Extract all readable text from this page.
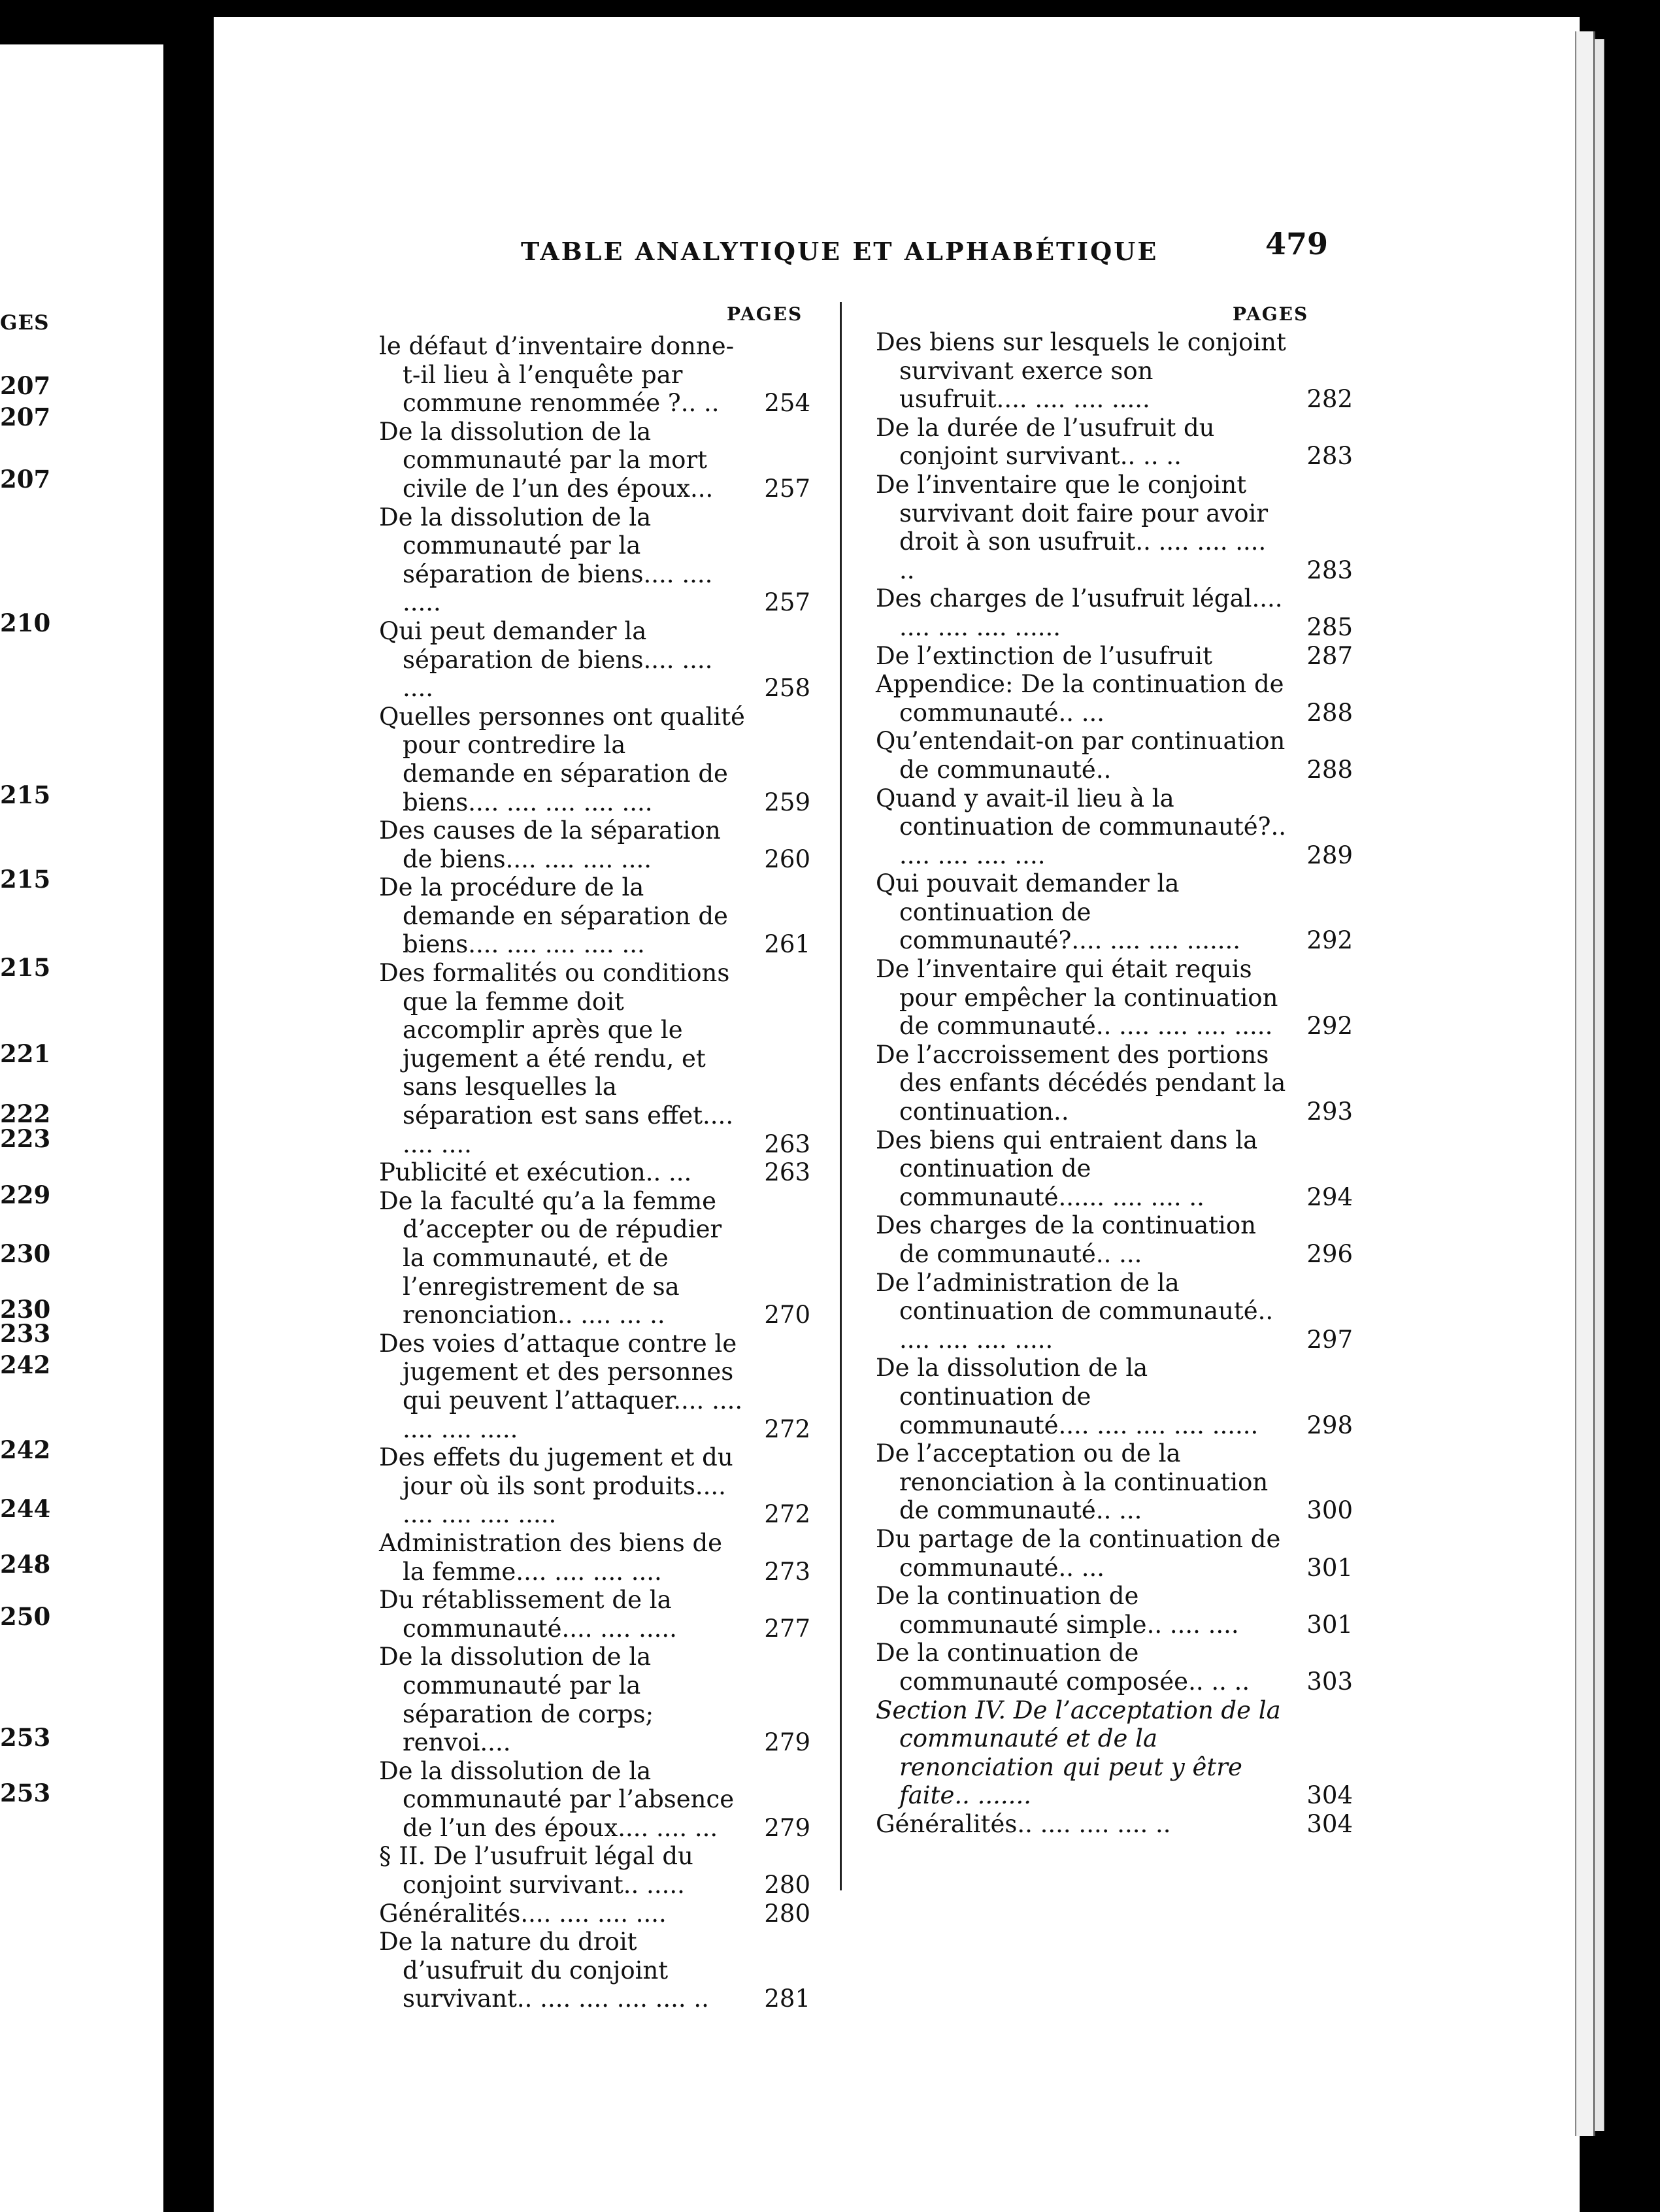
GES
207
207
207
210
215
215
215
221
222
223
229
230
230
233
242
242
244
248
250
253
253
TABLE ANALYTIQUE ET ALPHABÉTIQUE	479
PAGES	PAGES
le défaut d’inventaire donne-t-il lieu à l’enquête par commune renommée ?.. ..	254
De la dissolution de la communauté par la mort civile de l’un des époux...	257
De la dissolution de la communauté par la séparation de biens.... .... .....	257
Qui peut demander la séparation de biens.... .... ....	258
Quelles personnes ont qualité pour contredire la demande en séparation de biens.... .... .... .... ....	259
Des causes de la séparation de biens.... .... .... ....	260
De la procédure de la demande en séparation de biens.... .... .... .... ...	261
Des formalités ou conditions que la femme doit accomplir après que le jugement a été rendu, et sans lesquelles la séparation est sans effet.... .... ....	263
Publicité et exécution.. ...	263
De la faculté qu’a la femme d’accepter ou de répudier la communauté, et de l’enregistrement de sa renonciation.. .... ... ..	270
Des voies d’attaque contre le jugement et des personnes qui peuvent l’attaquer.... .... .... .... .....	272
Des effets du jugement et du jour où ils sont produits.... .... .... .... .....	272
Administration des biens de la femme.... .... .... ....	273
Du rétablissement de la communauté.... .... .....	277
De la dissolution de la communauté par la séparation de corps; renvoi....	279
De la dissolution de la communauté par l’absence de l’un des époux.... .... ...	279
§ II. De l’usufruit légal du conjoint survivant.. .....	280
Généralités.... .... .... ....	280
De la nature du droit d’usufruit du conjoint survivant.. .... .... .... .... ..	281
Des biens sur lesquels le conjoint survivant exerce son usufruit.... .... .... .....	282
De la durée de l’usufruit du conjoint survivant.. .. ..	283
De l’inventaire que le conjoint survivant doit faire pour avoir droit à son usufruit.. .... .... .... ..	283
Des charges de l’usufruit légal.... .... .... .... ......	285
De l’extinction de l’usufruit	287
Appendice: De la continuation de communauté.. ...	288
Qu’entendait-on par continuation de communauté..	288
Quand y avait-il lieu à la continuation de communauté?.. .... .... .... ....	289
Qui pouvait demander la continuation de communauté?.... .... .... .......	292
De l’inventaire qui était requis pour empêcher la continuation de communauté.. .... .... .... .....	292
De l’accroissement des portions des enfants décédés pendant la continuation..	293
Des biens qui entraient dans la continuation de communauté...... .... .... ..	294
Des charges de la continuation de communauté.. ...	296
De l’administration de la continuation de communauté.. .... .... .... .....	297
De la dissolution de la continuation de communauté.... .... .... .... ......	298
De l’acceptation ou de la renonciation à la continuation de communauté.. ...	300
Du partage de la continuation de communauté.. ...	301
De la continuation de communauté simple.. .... ....	301
De la continuation de communauté composée.. .. ..	303
Section IV. De l’acceptation de la communauté et de la renonciation qui peut y être faite.. .......	304
Généralités.. .... .... .... ..	304
